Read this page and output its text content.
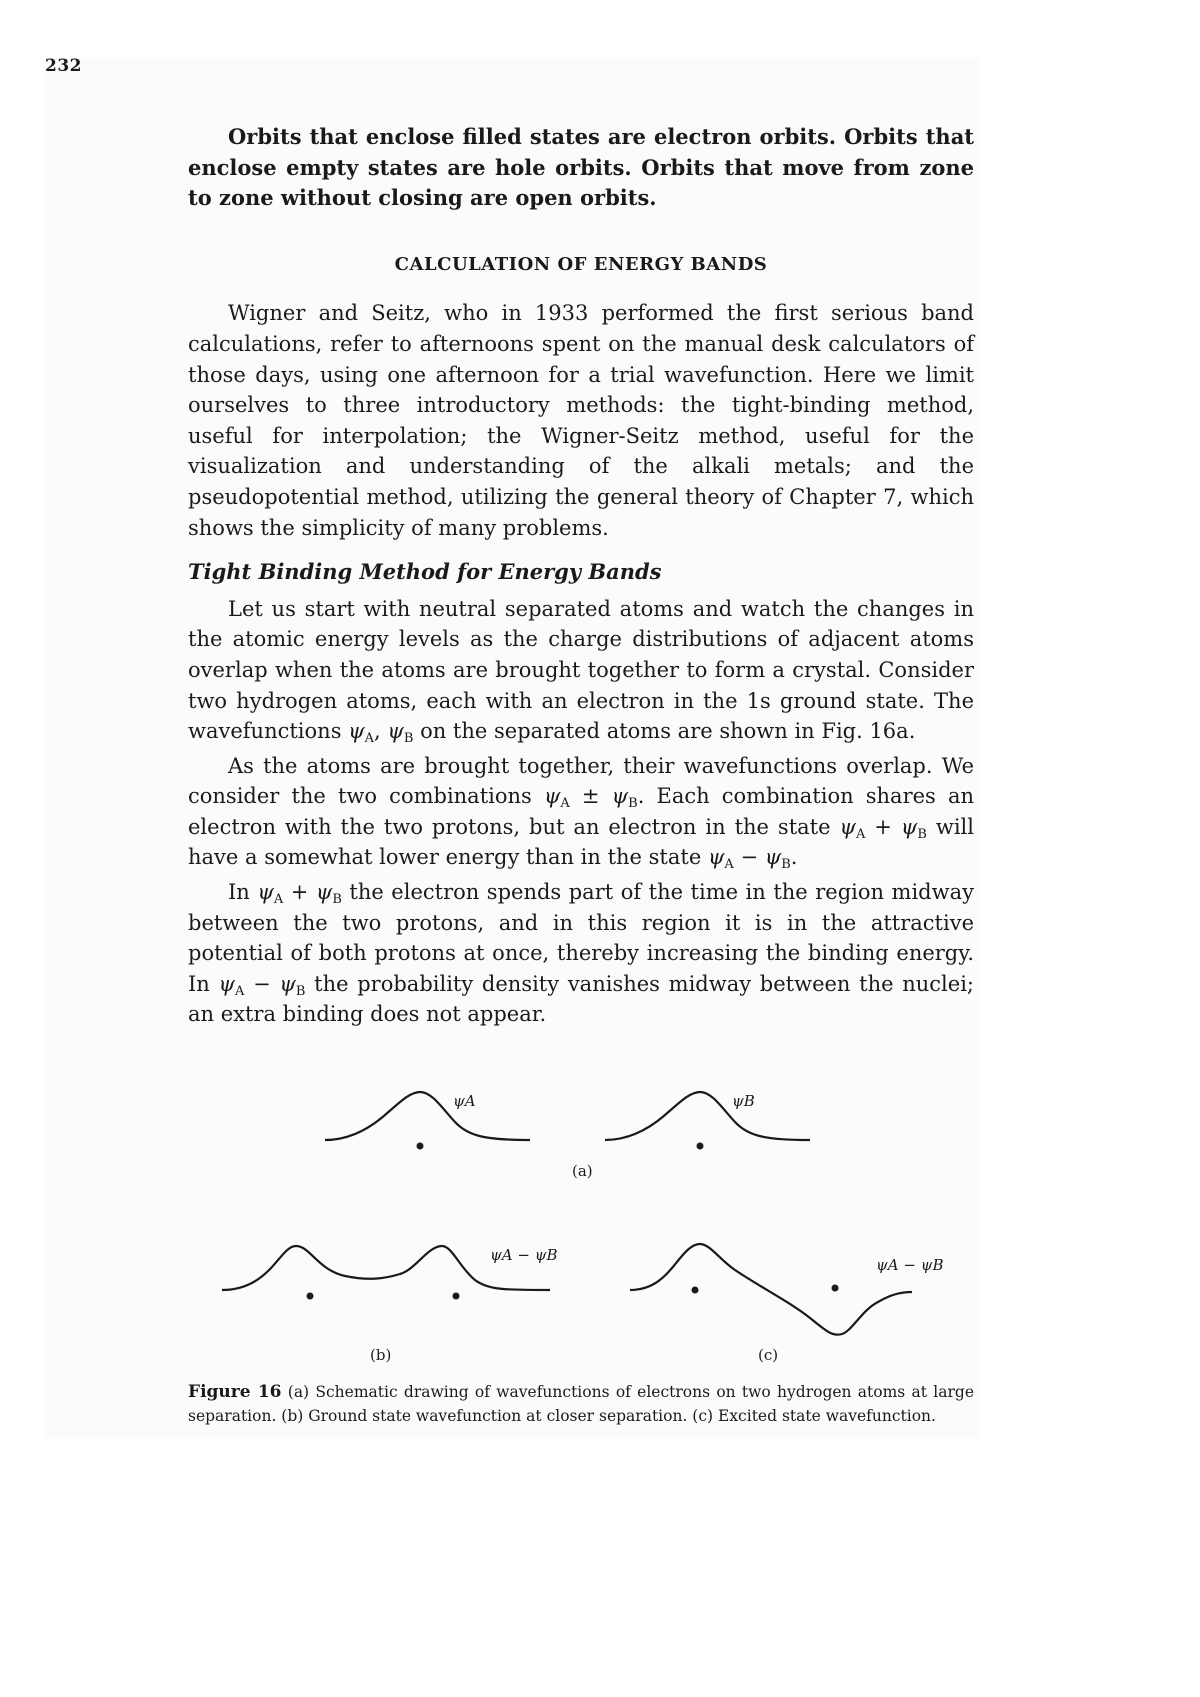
232

Orbits that enclose filled states are electron orbits. Orbits that enclose empty states are hole orbits. Orbits that move from zone to zone without closing are open orbits.

CALCULATION OF ENERGY BANDS

Wigner and Seitz, who in 1933 performed the first serious band calculations, refer to afternoons spent on the manual desk calculators of those days, using one afternoon for a trial wavefunction. Here we limit ourselves to three introductory methods: the tight-binding method, useful for interpolation; the Wigner-Seitz method, useful for the visualization and understanding of the alkali metals; and the pseudopotential method, utilizing the general theory of Chapter 7, which shows the simplicity of many problems.

Tight Binding Method for Energy Bands

Let us start with neutral separated atoms and watch the changes in the atomic energy levels as the charge distributions of adjacent atoms overlap when the atoms are brought together to form a crystal. Consider two hydrogen atoms, each with an electron in the 1s ground state. The wavefunctions $\psi_A$, $\psi_B$ on the separated atoms are shown in Fig. 16a.

As the atoms are brought together, their wavefunctions overlap. We consider the two combinations $\psi_A \pm \psi_B$. Each combination shares an electron with the two protons, but an electron in the state $\psi_A + \psi_B$ will have a somewhat lower energy than in the state $\psi_A - \psi_B$.

In $\psi_A + \psi_B$ the electron spends part of the time in the region midway between the two protons, and in this region it is in the attractive potential of both protons at once, thereby increasing the binding energy. In $\psi_A - \psi_B$ the probability density vanishes midway between the nuclei; an extra binding does not appear.

ψA	ψB
(a)
ψA − ψB
ψA − ψB
(b)	(c)
Figure 16 (a) Schematic drawing of wavefunctions of electrons on two hydrogen atoms at large separation. (b) Ground state wavefunction at closer separation. (c) Excited state wavefunction.
